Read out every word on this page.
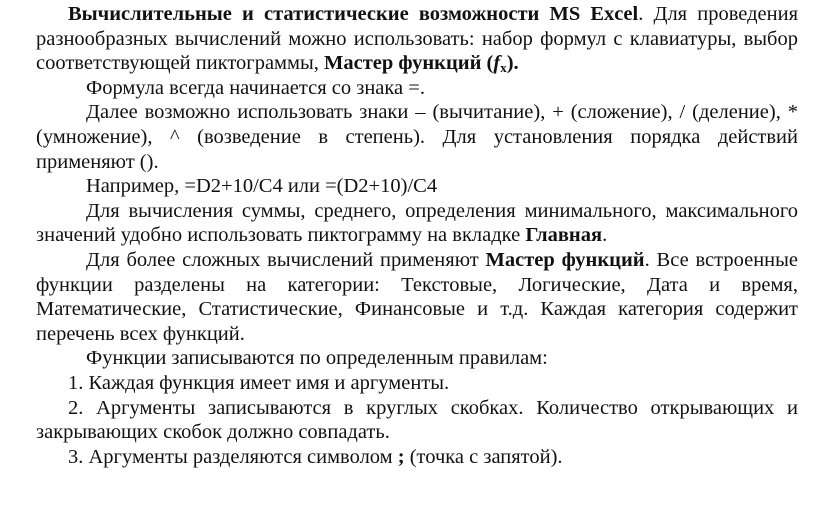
Вычислительные и статистические возможности MS Excel. Для проведения разнообразных вычислений можно использовать: набор формул с клавиатуры, выбор соответствующей пиктограммы, Мастер функций $(f_x)$.

Формула всегда начинается со знака =.

Далее возможно использовать знаки – (вычитание), + (сложение), / (деление), * (умножение), ^ (возведение в степень). Для установления порядка действий применяют ().

Например, =D2+10/C4 или =(D2+10)/C4

Для вычисления суммы, среднего, определения минимального, максимального значений удобно использовать пиктограмму на вкладке Главная.

Для более сложных вычислений применяют Мастер функций. Все встроенные функции разделены на категории: Текстовые, Логические, Дата и время, Математические, Статистические, Финансовые и т.д. Каждая категория содержит перечень всех функций.

Функции записываются по определенным правилам:

1. Каждая функция имеет имя и аргументы.

2. Аргументы записываются в круглых скобках. Количество открывающих и закрывающих скобок должно совпадать.

3. Аргументы разделяются символом ; (точка с запятой).
